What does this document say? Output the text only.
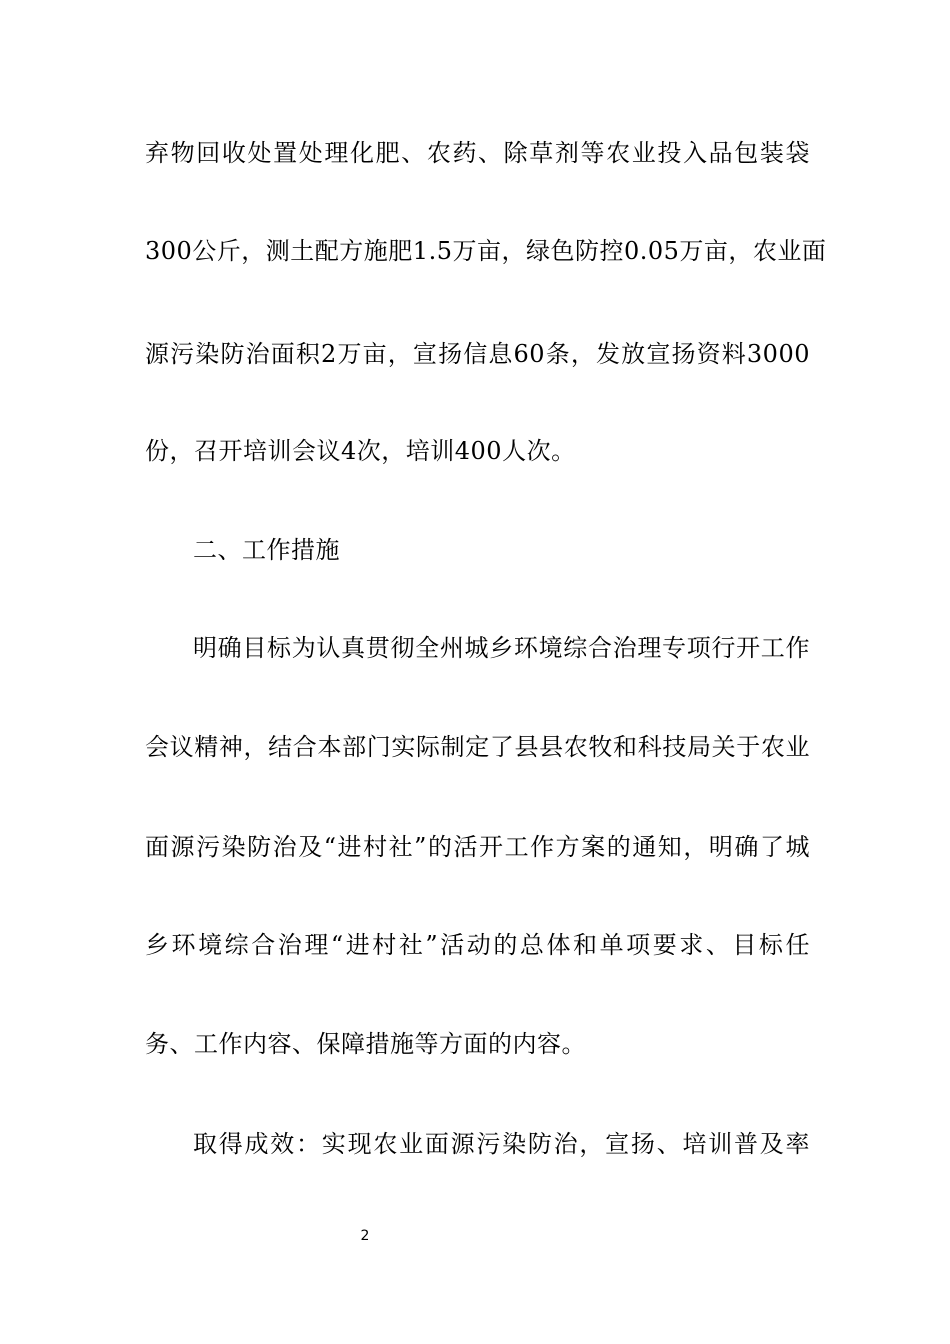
弃物回收处置处理化肥、农药、除草剂等农业投入品包装袋
300公斤，测土配方施肥1.5万亩，绿色防控0.05万亩，农业面
源污染防治面积2万亩，宣扬信息60条，发放宣扬资料3000
份，召开培训会议4次，培训400人次。
二、工作措施
明确目标为认真贯彻全州城乡环境综合治理专项行开工作
会议精神，结合本部门实际制定了县县农牧和科技局关于农业
面源污染防治及“进村社”的活开工作方案的通知，明确了城
乡环境综合治理“进村社”活动的总体和单项要求、目标任
务、工作内容、保障措施等方面的内容。
取得成效：实现农业面源污染防治，宣扬、培训普及率
2
